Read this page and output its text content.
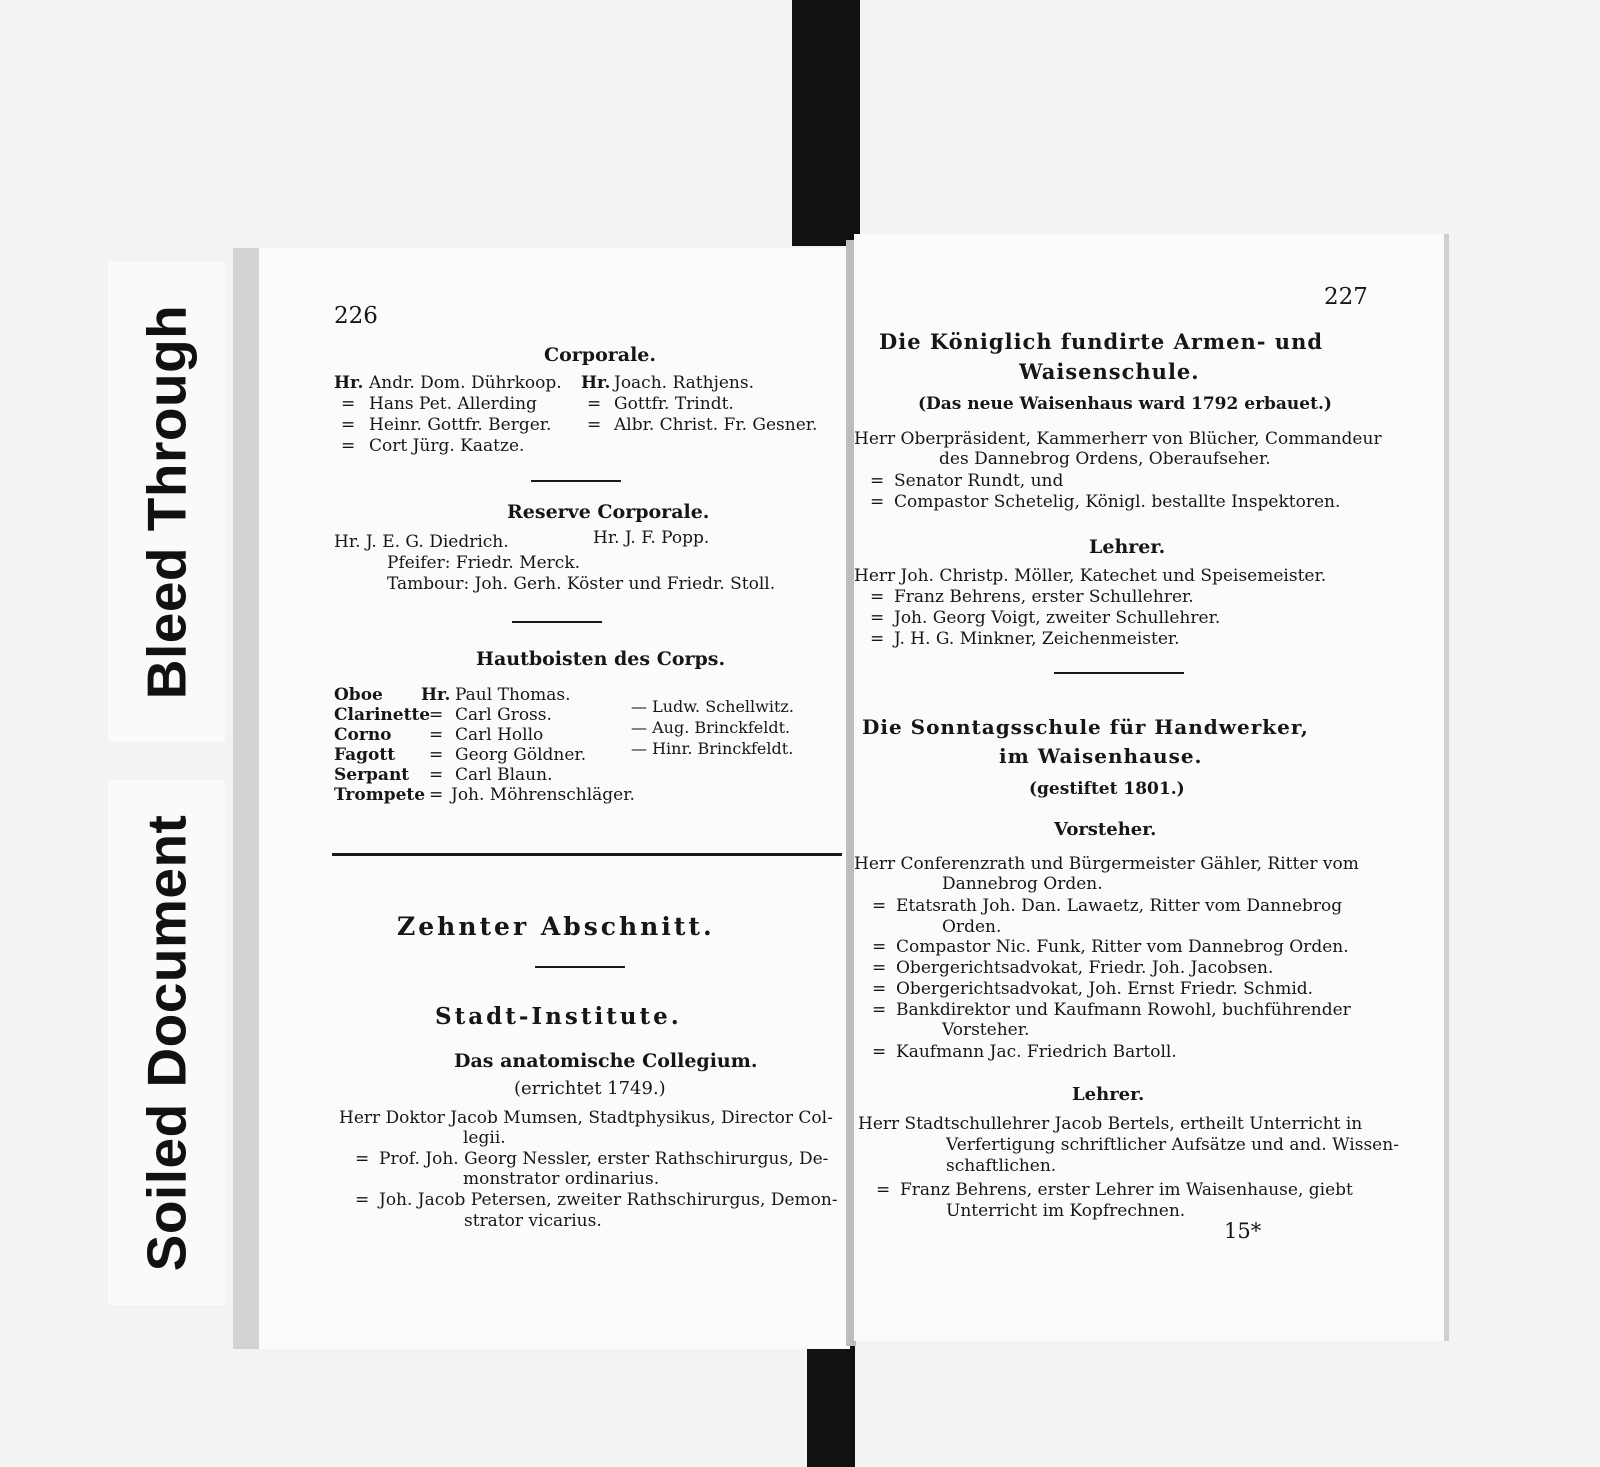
Bleed Through
Soiled Document
226
Corporale.
Hr.
=
=
=
Andr. Dom. Dührkoop.
Hans Pet. Allerding
Heinr. Gottfr. Berger.
Cort Jürg. Kaatze.
Hr.
=
=
Joach. Rathjens.
Gottfr. Trindt.
Albr. Christ. Fr. Gesner.
Reserve Corporale.
Hr. J. E. G. Diedrich.	Hr. J. F. Popp.
Pfeifer: Friedr. Merck.
Tambour: Joh. Gerh. Köster und Friedr. Stoll.
Hautboisten des Corps.
Oboe
Clarinette
Corno
Fagott
Serpant
Trompete
Hr.
=
=
=
=
=
Paul Thomas.
Carl Gross.
Carl Hollo
Georg Göldner.
Carl Blaun.
Joh. Möhrenschläger.
— Ludw. Schellwitz.
— Aug. Brinckfeldt.
— Hinr. Brinckfeldt.
Zehnter Abschnitt.
Stadt-Institute.
Das anatomische Collegium.
(errichtet 1749.)
Herr Doktor Jacob Mumsen, Stadtphysikus, Director Col-
legii.
= Prof. Joh. Georg Nessler, erster Rathschirurgus, De-
monstrator ordinarius.
= Joh. Jacob Petersen, zweiter Rathschirurgus, Demon-
strator vicarius.
227
Die Königlich fundirte Armen- und
Waisenschule.
(Das neue Waisenhaus ward 1792 erbauet.)
Herr Oberpräsident, Kammerherr von Blücher, Commandeur
des Dannebrog Ordens, Oberaufseher.
= Senator Rundt, und
= Compastor Schetelig, Königl. bestallte Inspektoren.
Lehrer.
Herr Joh. Christp. Möller, Katechet und Speisemeister.
= Franz Behrens, erster Schullehrer.
= Joh. Georg Voigt, zweiter Schullehrer.
= J. H. G. Minkner, Zeichenmeister.
Die Sonntagsschule für Handwerker,
im Waisenhause.
(gestiftet 1801.)
Vorsteher.
Herr Conferenzrath und Bürgermeister Gähler, Ritter vom
Dannebrog Orden.
= Etatsrath Joh. Dan. Lawaetz, Ritter vom Dannebrog
Orden.
= Compastor Nic. Funk, Ritter vom Dannebrog Orden.
= Obergerichtsadvokat, Friedr. Joh. Jacobsen.
= Obergerichtsadvokat, Joh. Ernst Friedr. Schmid.
= Bankdirektor und Kaufmann Rowohl, buchführender
Vorsteher.
= Kaufmann Jac. Friedrich Bartoll.
Lehrer.
Herr Stadtschullehrer Jacob Bertels, ertheilt Unterricht in
Verfertigung schriftlicher Aufsätze und and. Wissen-
schaftlichen.
= Franz Behrens, erster Lehrer im Waisenhause, giebt
Unterricht im Kopfrechnen.
15*
